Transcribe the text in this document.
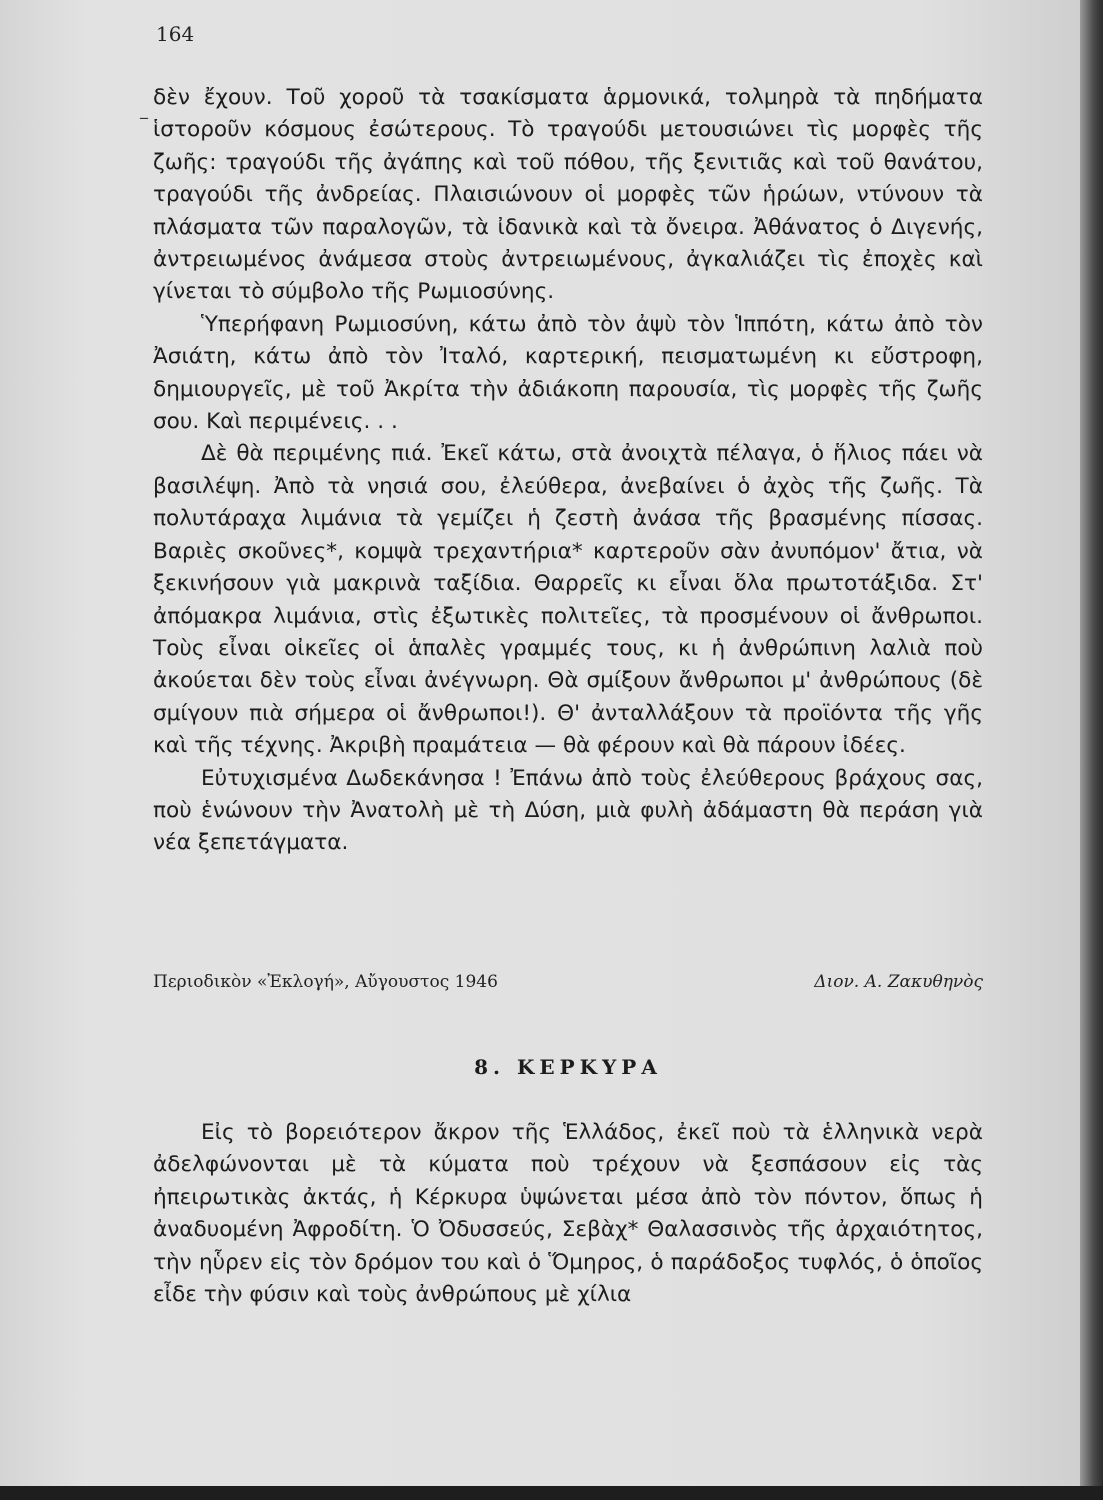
164
_ δὲν ἔχουν. Τοῦ χοροῦ τὰ τσακίσματα ἁρμονικά, τολμηρὰ τὰ πηδήματα ἱστοροῦν κόσμους ἐσώτερους. Τὸ τραγούδι μετουσιώνει τὶς μορφὲς τῆς ζωῆς: τραγούδι τῆς ἀγάπης καὶ τοῦ πόθου, τῆς ξενιτιᾶς καὶ τοῦ θανάτου, τραγούδι τῆς ἀνδρείας. Πλαισιώνουν οἱ μορφὲς τῶν ἡρώων, ντύνουν τὰ πλάσματα τῶν παραλογῶν, τὰ ἰδανικὰ καὶ τὰ ὄνειρα. Ἀθάνατος ὁ Διγενής, ἀντρειωμένος ἀνάμεσα στοὺς ἀντρειωμένους, ἀγκαλιάζει τὶς ἐποχὲς καὶ γίνεται τὸ σύμβολο τῆς Ρωμιοσύνης.

Ὑπερήφανη Ρωμιοσύνη, κάτω ἀπὸ τὸν ἀψὺ τὸν Ἱππότη, κάτω ἀπὸ τὸν Ἀσιάτη, κάτω ἀπὸ τὸν Ἰταλό, καρτερική, πεισματωμένη κι εὔστροφη, δημιουργεῖς, μὲ τοῦ Ἀκρίτα τὴν ἀδιάκοπη παρουσία, τὶς μορφὲς τῆς ζωῆς σου. Καὶ περιμένεις. . .

Δὲ θὰ περιμένης πιά. Ἐκεῖ κάτω, στὰ ἀνοιχτὰ πέλαγα, ὁ ἥλιος πάει νὰ βασιλέψη. Ἀπὸ τὰ νησιά σου, ἐλεύθερα, ἀνεβαίνει ὁ ἀχὸς τῆς ζωῆς. Τὰ πολυτάραχα λιμάνια τὰ γεμίζει ἡ ζεστὴ ἀνάσα τῆς βρασμένης πίσσας. Βαριὲς σκοῦνες*, κομψὰ τρεχαντήρια* καρτεροῦν σὰν ἀνυπόμον' ἄτια, νὰ ξεκινήσουν γιὰ μακρινὰ ταξίδια. Θαρρεῖς κι εἶναι ὅλα πρωτοτάξιδα. Στ' ἀπόμακρα λιμάνια, στὶς ἐξωτικὲς πολιτεῖες, τὰ προσμένουν οἱ ἄνθρωποι. Τοὺς εἶναι οἰκεῖες οἱ ἁπαλὲς γραμμές τους, κι ἡ ἀνθρώπινη λαλιὰ ποὺ ἀκούεται δὲν τοὺς εἶναι ἀνέγνωρη. Θὰ σμίξουν ἄνθρωποι μ' ἀνθρώπους (δὲ σμίγουν πιὰ σήμερα οἱ ἄνθρωποι!). Θ' ἀνταλλάξουν τὰ προϊόντα τῆς γῆς καὶ τῆς τέχνης. Ἀκριβὴ πραμάτεια — θὰ φέρουν καὶ θὰ πάρουν ἰδέες.

Εὐτυχισμένα Δωδεκάνησα ! Ἐπάνω ἀπὸ τοὺς ἐλεύθερους βράχους σας, ποὺ ἑνώνουν τὴν Ἀνατολὴ μὲ τὴ Δύση, μιὰ φυλὴ ἀδάμαστη θὰ περάση γιὰ νέα ξεπετάγματα.

Περιοδικὸν «Ἐκλογή», Αὔγουστος 1946	Διον. Α. Ζακυθηνὸς
8. ΚΕΡΚΥΡΑ

Εἰς τὸ βορειότερον ἄκρον τῆς Ἑλλάδος, ἐκεῖ ποὺ τὰ ἑλληνικὰ νερὰ ἀδελφώνονται μὲ τὰ κύματα ποὺ τρέχουν νὰ ξεσπάσουν εἰς τὰς ἠπειρωτικὰς ἀκτάς, ἡ Κέρκυρα ὑψώνεται μέσα ἀπὸ τὸν πόντον, ὅπως ἡ ἀναδυομένη Ἀφροδίτη. Ὁ Ὀδυσσεύς, Σεβὰχ* Θαλασσινὸς τῆς ἀρχαιότητος, τὴν ηὗρεν εἰς τὸν δρόμον του καὶ ὁ Ὅμηρος, ὁ παράδοξος τυφλός, ὁ ὁποῖος εἶδε τὴν φύσιν καὶ τοὺς ἀνθρώπους μὲ χίλια
